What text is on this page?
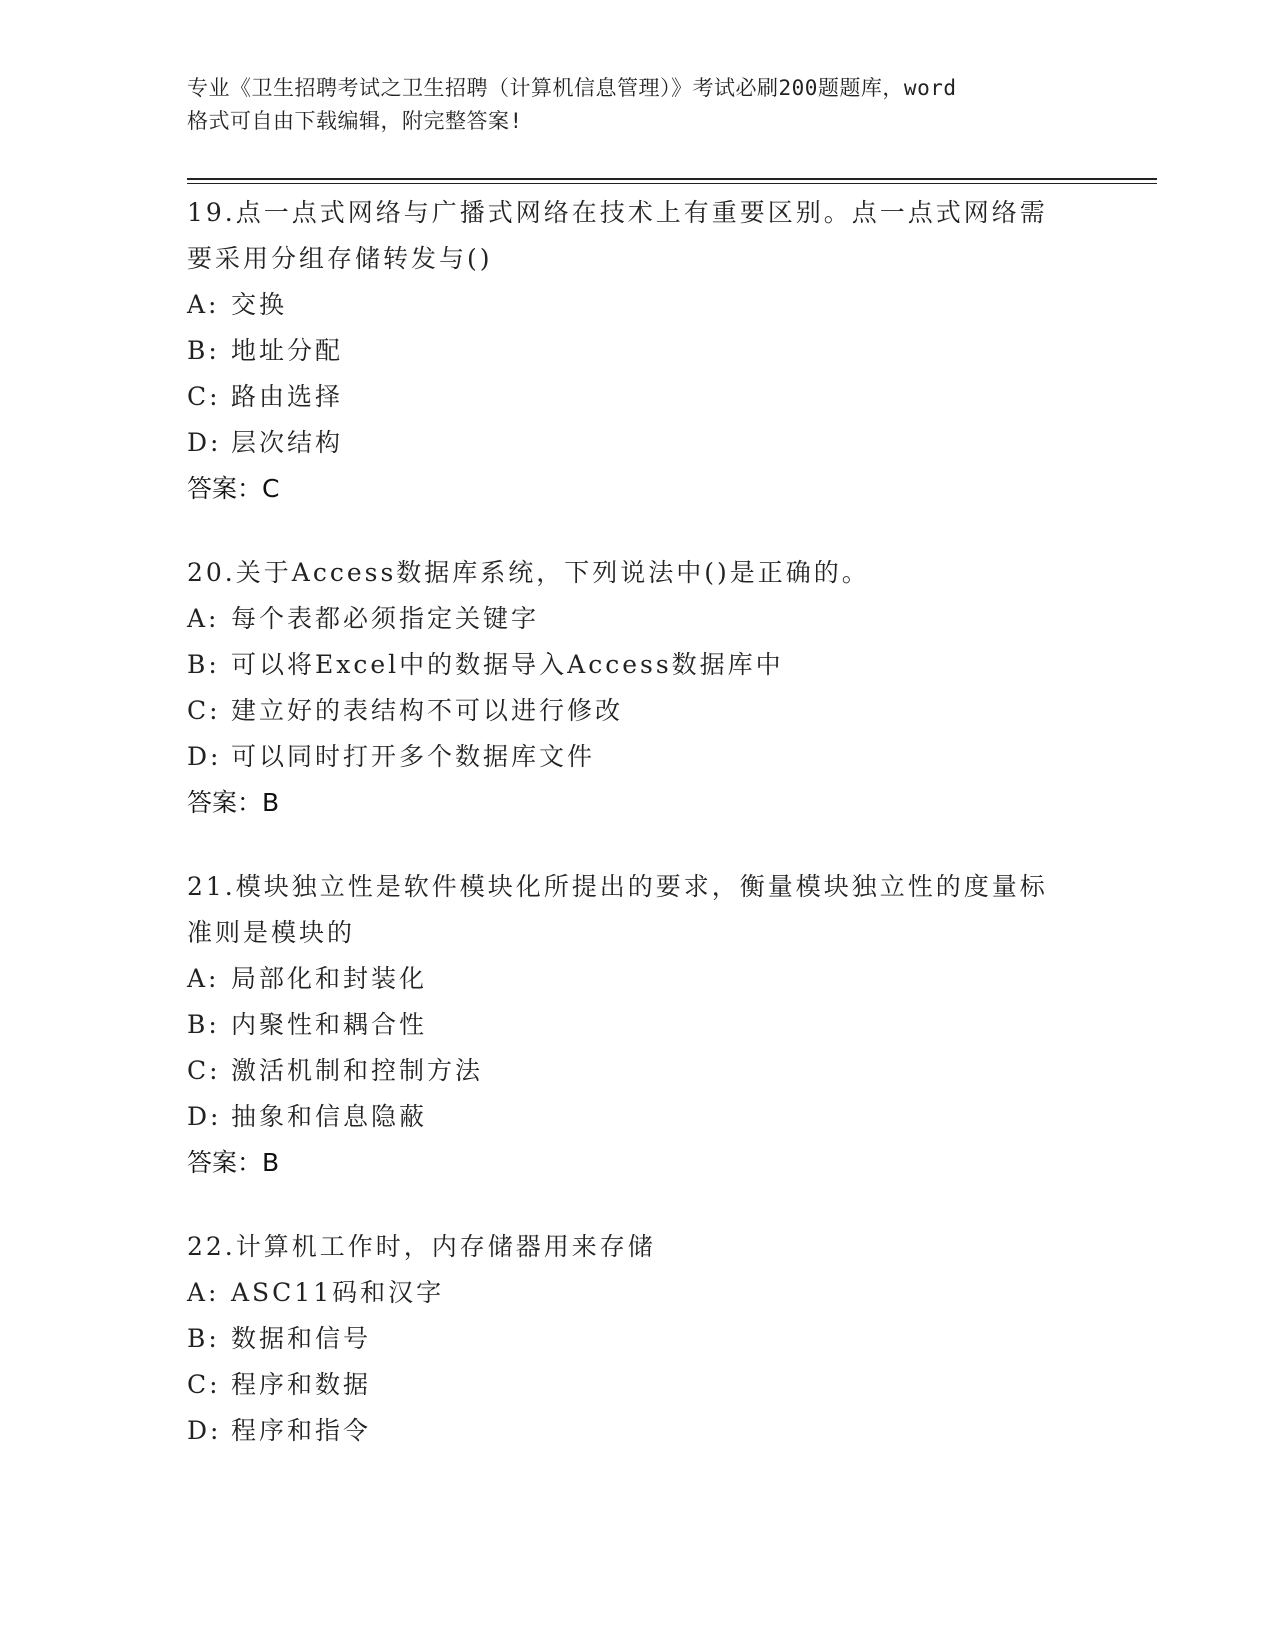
专业《卫生招聘考试之卫生招聘（计算机信息管理）》考试必刷200题题库，word
格式可自由下载编辑，附完整答案!
19.点一点式网络与广播式网络在技术上有重要区别。点一点式网络需
要采用分组存储转发与()
A: 交换
B: 地址分配
C: 路由选择
D: 层次结构
答案：C
20.关于Access数据库系统，下列说法中()是正确的。
A: 每个表都必须指定关键字
B: 可以将Excel中的数据导入Access数据库中
C: 建立好的表结构不可以进行修改
D: 可以同时打开多个数据库文件
答案：B
21.模块独立性是软件模块化所提出的要求，衡量模块独立性的度量标
准则是模块的
A: 局部化和封装化
B: 内聚性和耦合性
C: 激活机制和控制方法
D: 抽象和信息隐蔽
答案：B
22.计算机工作时，内存储器用来存储
A: ASC11码和汉字
B: 数据和信号
C: 程序和数据
D: 程序和指令
